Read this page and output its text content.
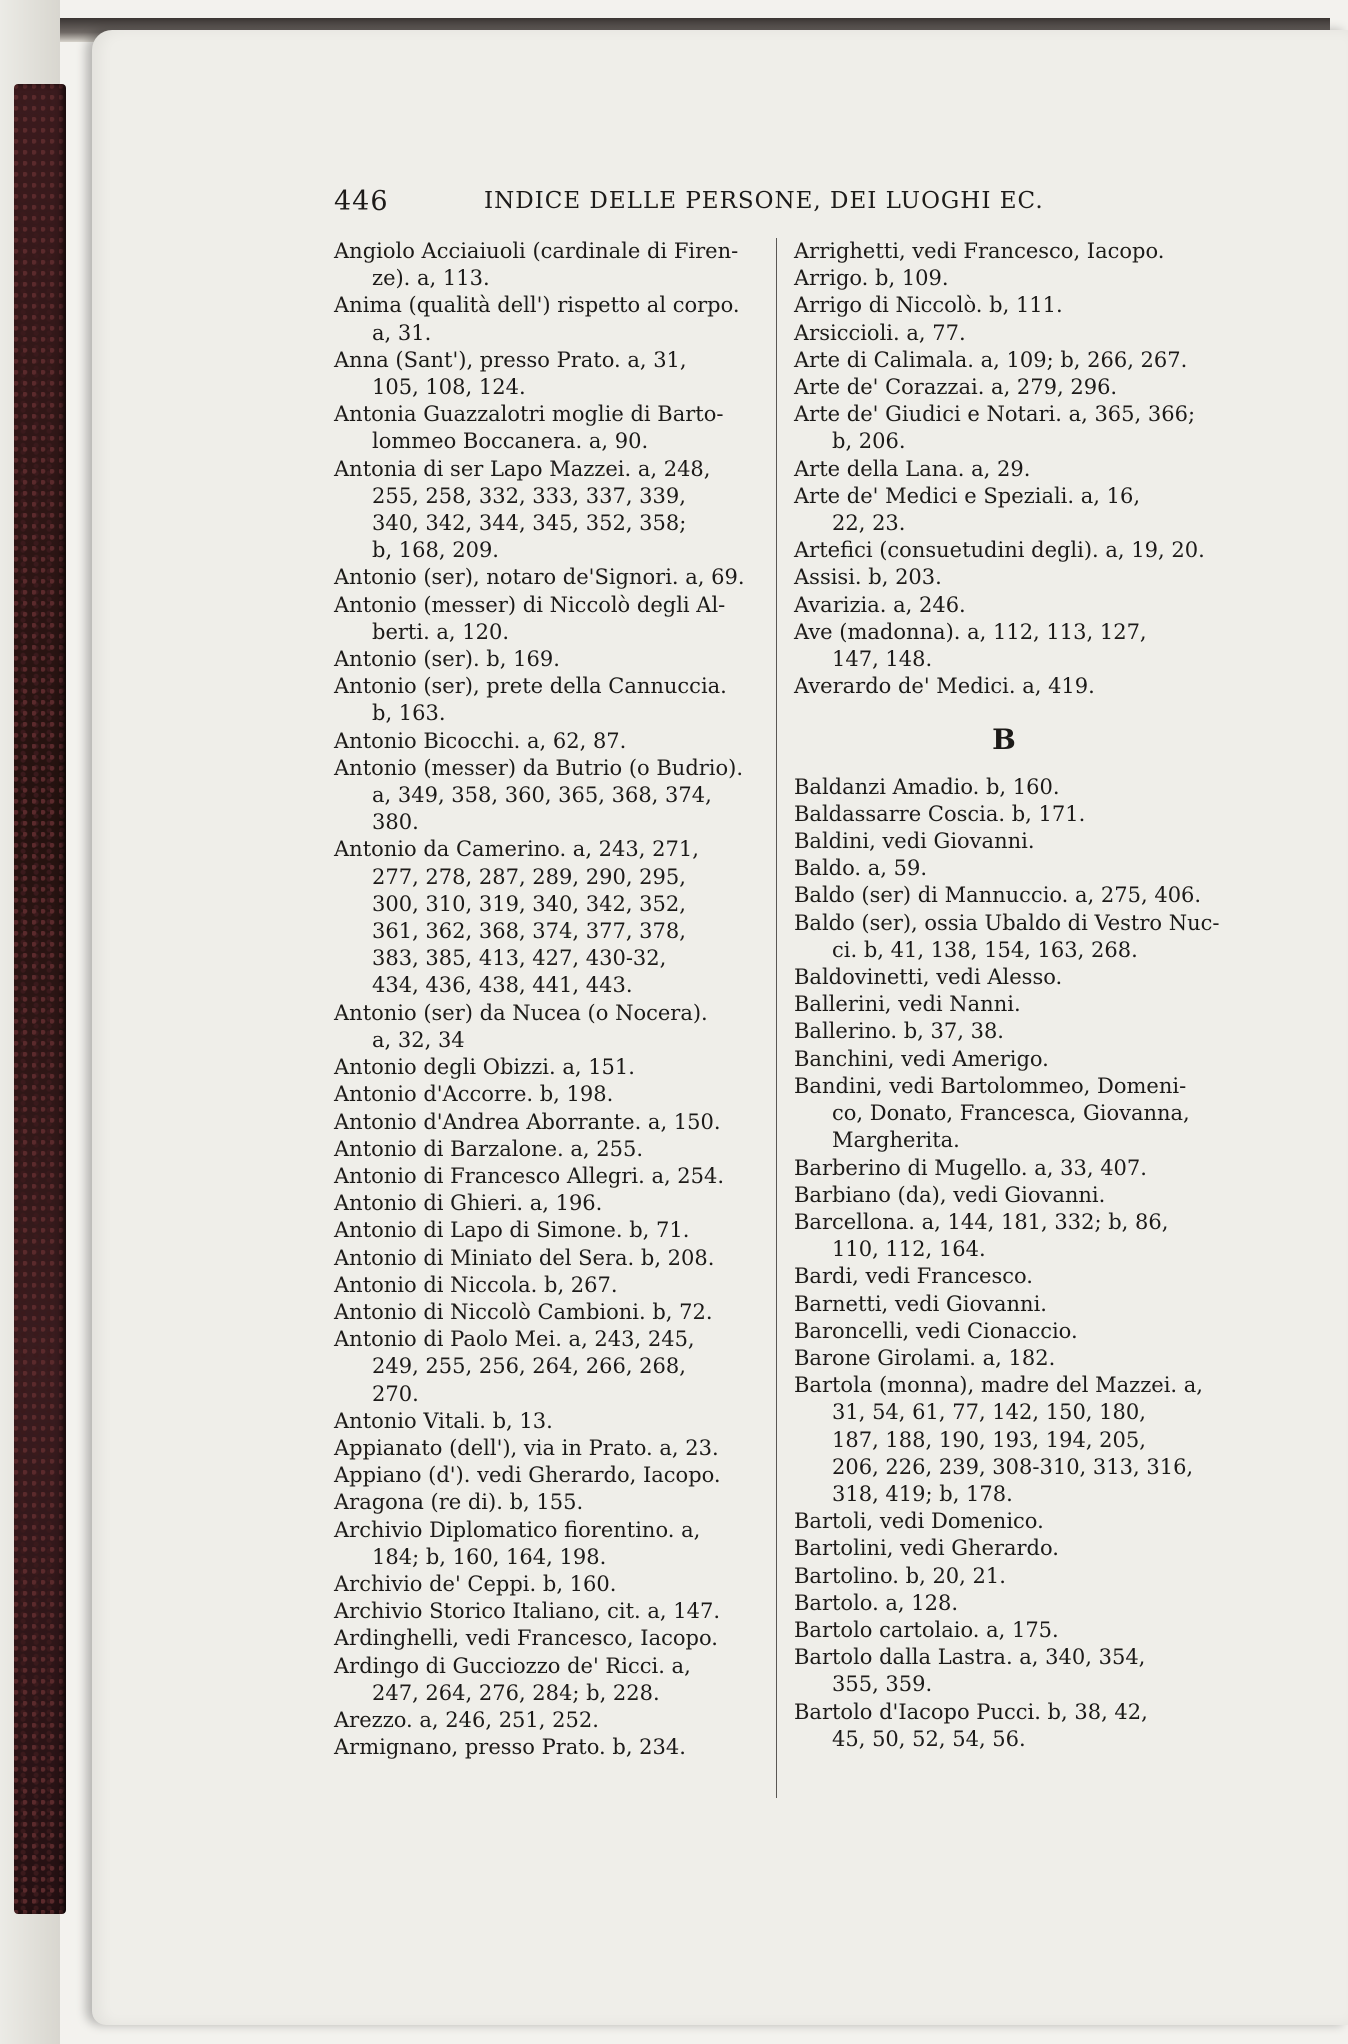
446	INDICE DELLE PERSONE, DEI LUOGHI EC.
Angiolo Acciaiuoli (cardinale di Firen-
ze). a, 113.
Anima (qualità dell') rispetto al corpo.
a, 31.
Anna (Sant'), presso Prato. a, 31,
105, 108, 124.
Antonia Guazzalotri moglie di Barto-
lommeo Boccanera. a, 90.
Antonia di ser Lapo Mazzei. a, 248,
255, 258, 332, 333, 337, 339,
340, 342, 344, 345, 352, 358;
b, 168, 209.
Antonio (ser), notaro de'Signori. a, 69.
Antonio (messer) di Niccolò degli Al-
berti. a, 120.
Antonio (ser). b, 169.
Antonio (ser), prete della Cannuccia.
b, 163.
Antonio Bicocchi. a, 62, 87.
Antonio (messer) da Butrio (o Budrio).
a, 349, 358, 360, 365, 368, 374,
380.
Antonio da Camerino. a, 243, 271,
277, 278, 287, 289, 290, 295,
300, 310, 319, 340, 342, 352,
361, 362, 368, 374, 377, 378,
383, 385, 413, 427, 430-32,
434, 436, 438, 441, 443.
Antonio (ser) da Nucea (o Nocera).
a, 32, 34
Antonio degli Obizzi. a, 151.
Antonio d'Accorre. b, 198.
Antonio d'Andrea Aborrante. a, 150.
Antonio di Barzalone. a, 255.
Antonio di Francesco Allegri. a, 254.
Antonio di Ghieri. a, 196.
Antonio di Lapo di Simone. b, 71.
Antonio di Miniato del Sera. b, 208.
Antonio di Niccola. b, 267.
Antonio di Niccolò Cambioni. b, 72.
Antonio di Paolo Mei. a, 243, 245,
249, 255, 256, 264, 266, 268,
270.
Antonio Vitali. b, 13.
Appianato (dell'), via in Prato. a, 23.
Appiano (d'). vedi Gherardo, Iacopo.
Aragona (re di). b, 155.
Archivio Diplomatico fiorentino. a,
184; b, 160, 164, 198.
Archivio de' Ceppi. b, 160.
Archivio Storico Italiano, cit. a, 147.
Ardinghelli, vedi Francesco, Iacopo.
Ardingo di Gucciozzo de' Ricci. a,
247, 264, 276, 284; b, 228.
Arezzo. a, 246, 251, 252.
Armignano, presso Prato. b, 234.
Arrighetti, vedi Francesco, Iacopo.
Arrigo. b, 109.
Arrigo di Niccolò. b, 111.
Arsiccioli. a, 77.
Arte di Calimala. a, 109; b, 266, 267.
Arte de' Corazzai. a, 279, 296.
Arte de' Giudici e Notari. a, 365, 366;
b, 206.
Arte della Lana. a, 29.
Arte de' Medici e Speziali. a, 16,
22, 23.
Artefici (consuetudini degli). a, 19, 20.
Assisi. b, 203.
Avarizia. a, 246.
Ave (madonna). a, 112, 113, 127,
147, 148.
Averardo de' Medici. a, 419.
B
Baldanzi Amadio. b, 160.
Baldassarre Coscia. b, 171.
Baldini, vedi Giovanni.
Baldo. a, 59.
Baldo (ser) di Mannuccio. a, 275, 406.
Baldo (ser), ossia Ubaldo di Vestro Nuc-
ci. b, 41, 138, 154, 163, 268.
Baldovinetti, vedi Alesso.
Ballerini, vedi Nanni.
Ballerino. b, 37, 38.
Banchini, vedi Amerigo.
Bandini, vedi Bartolommeo, Domeni-
co, Donato, Francesca, Giovanna,
Margherita.
Barberino di Mugello. a, 33, 407.
Barbiano (da), vedi Giovanni.
Barcellona. a, 144, 181, 332; b, 86,
110, 112, 164.
Bardi, vedi Francesco.
Barnetti, vedi Giovanni.
Baroncelli, vedi Cionaccio.
Barone Girolami. a, 182.
Bartola (monna), madre del Mazzei. a,
31, 54, 61, 77, 142, 150, 180,
187, 188, 190, 193, 194, 205,
206, 226, 239, 308-310, 313, 316,
318, 419; b, 178.
Bartoli, vedi Domenico.
Bartolini, vedi Gherardo.
Bartolino. b, 20, 21.
Bartolo. a, 128.
Bartolo cartolaio. a, 175.
Bartolo dalla Lastra. a, 340, 354,
355, 359.
Bartolo d'Iacopo Pucci. b, 38, 42,
45, 50, 52, 54, 56.
